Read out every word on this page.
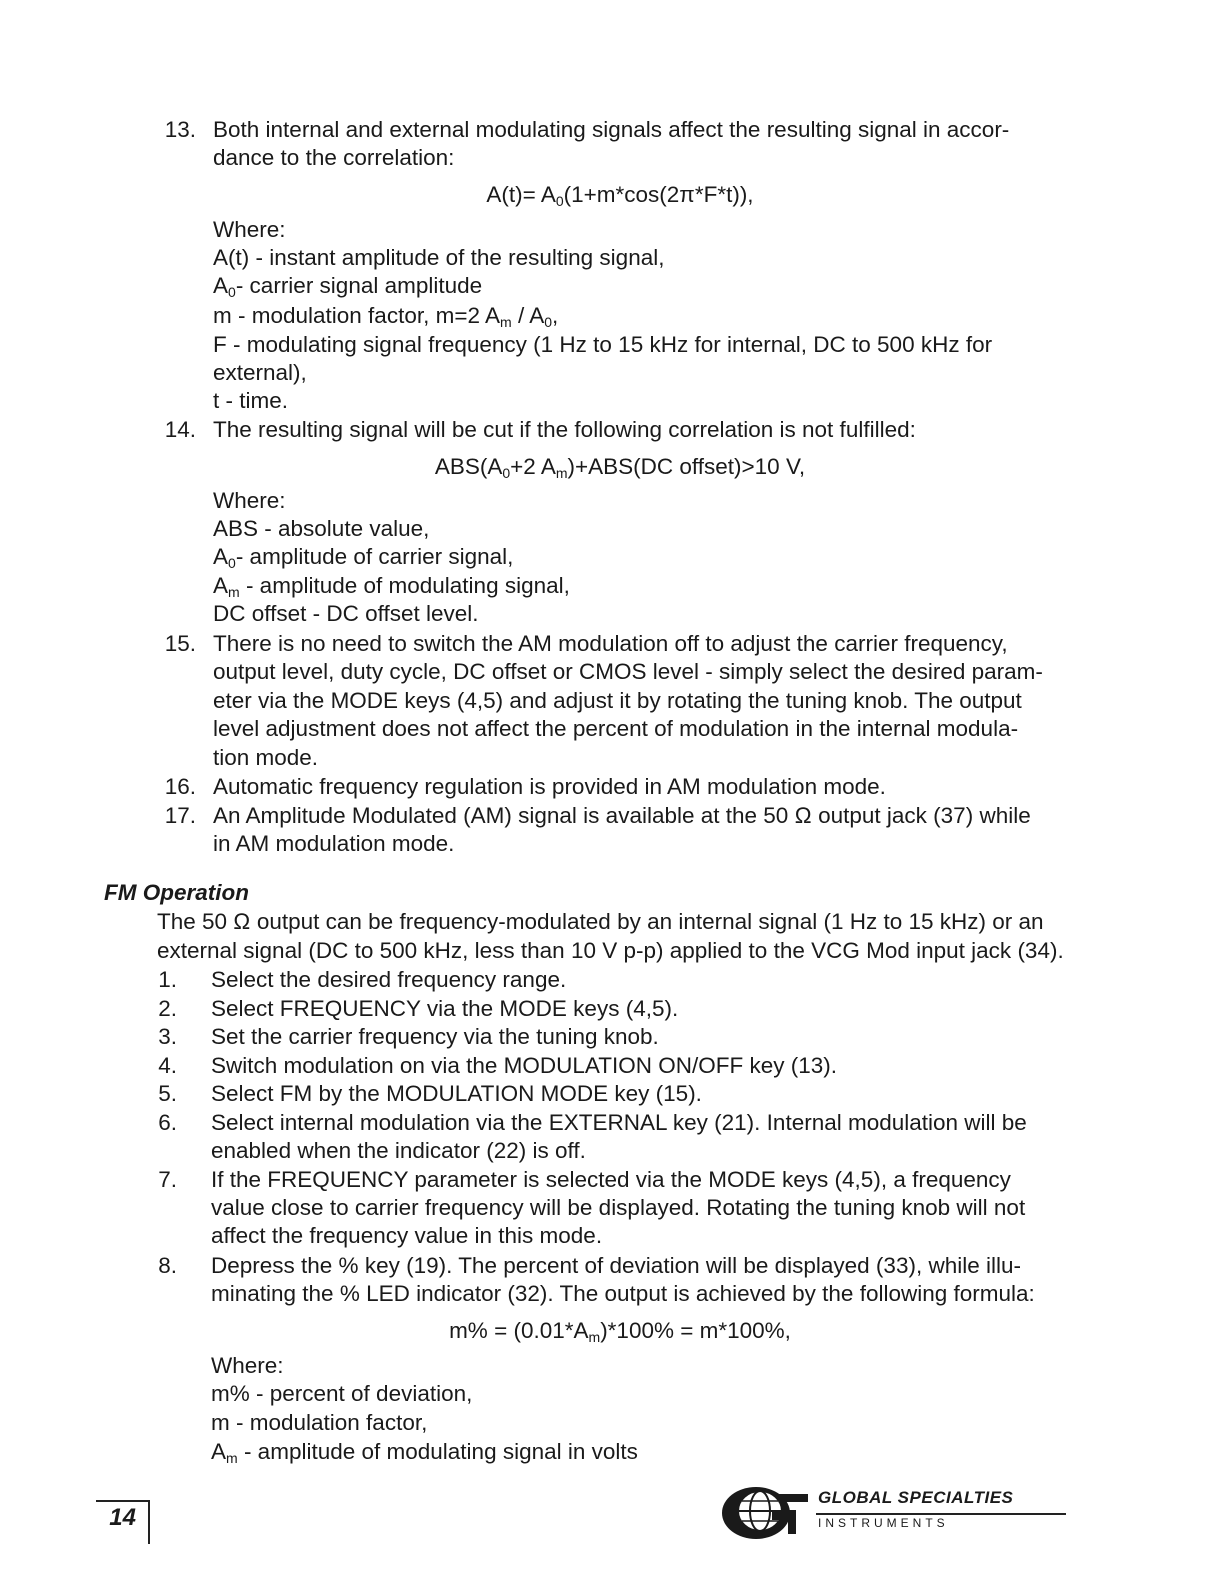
13. Both internal and external modulating signals affect the resulting signal in accor-
dance to the correlation:
$A(t)= A_0(1+m*\cos(2\pi*F*t))$,
Where:
A(t) - instant amplitude of the resulting signal,
$A_0-$ carrier signal amplitude
m - modulation factor, m=2 $A_m / A_0$,
F - modulating signal frequency (1 Hz to 15 kHz for internal, DC to 500 kHz for
external),
t - time.
14. The resulting signal will be cut if the following correlation is not fulfilled:
$ABS(A_0+2$ $A_m)+ABS(DC$ offset)>10 V,
Where:
ABS - absolute value,
$A_0-$ amplitude of carrier signal,
$A_m$ - amplitude of modulating signal,
DC offset - DC offset level.
15. There is no need to switch the AM modulation off to adjust the carrier frequency,
output level, duty cycle, DC offset or CMOS level - simply select the desired param-
eter via the MODE keys (4,5) and adjust it by rotating the tuning knob. The output
level adjustment does not affect the percent of modulation in the internal modula-
tion mode.
16. Automatic frequency regulation is provided in AM modulation mode.
17. An Amplitude Modulated (AM) signal is available at the 50 Ω output jack (37) while
in AM modulation mode.
FM Operation
The 50 Ω output can be frequency-modulated by an internal signal (1 Hz to 15 kHz) or an
external signal (DC to 500 kHz, less than 10 V p-p) applied to the VCG Mod input jack (34).
1. Select the desired frequency range.
2. Select FREQUENCY via the MODE keys (4,5).
3. Set the carrier frequency via the tuning knob.
4. Switch modulation on via the MODULATION ON/OFF key (13).
5. Select FM by the MODULATION MODE key (15).
6. Select internal modulation via the EXTERNAL key (21). Internal modulation will be
enabled when the indicator (22) is off.
7. If the FREQUENCY parameter is selected via the MODE keys (4,5), a frequency
value close to carrier frequency will be displayed. Rotating the tuning knob will not
affect the frequency value in this mode.
8. Depress the % key (19). The percent of deviation will be displayed (33), while illu-
minating the % LED indicator (32). The output is achieved by the following formula:
$m\% = (0.01*A_m)*100\% = m*100\%$,
Where:
m% - percent of deviation,
m - modulation factor,
$A_m$ - amplitude of modulating signal in volts
14
GLOBAL SPECIALTIES
INSTRUMENTS
